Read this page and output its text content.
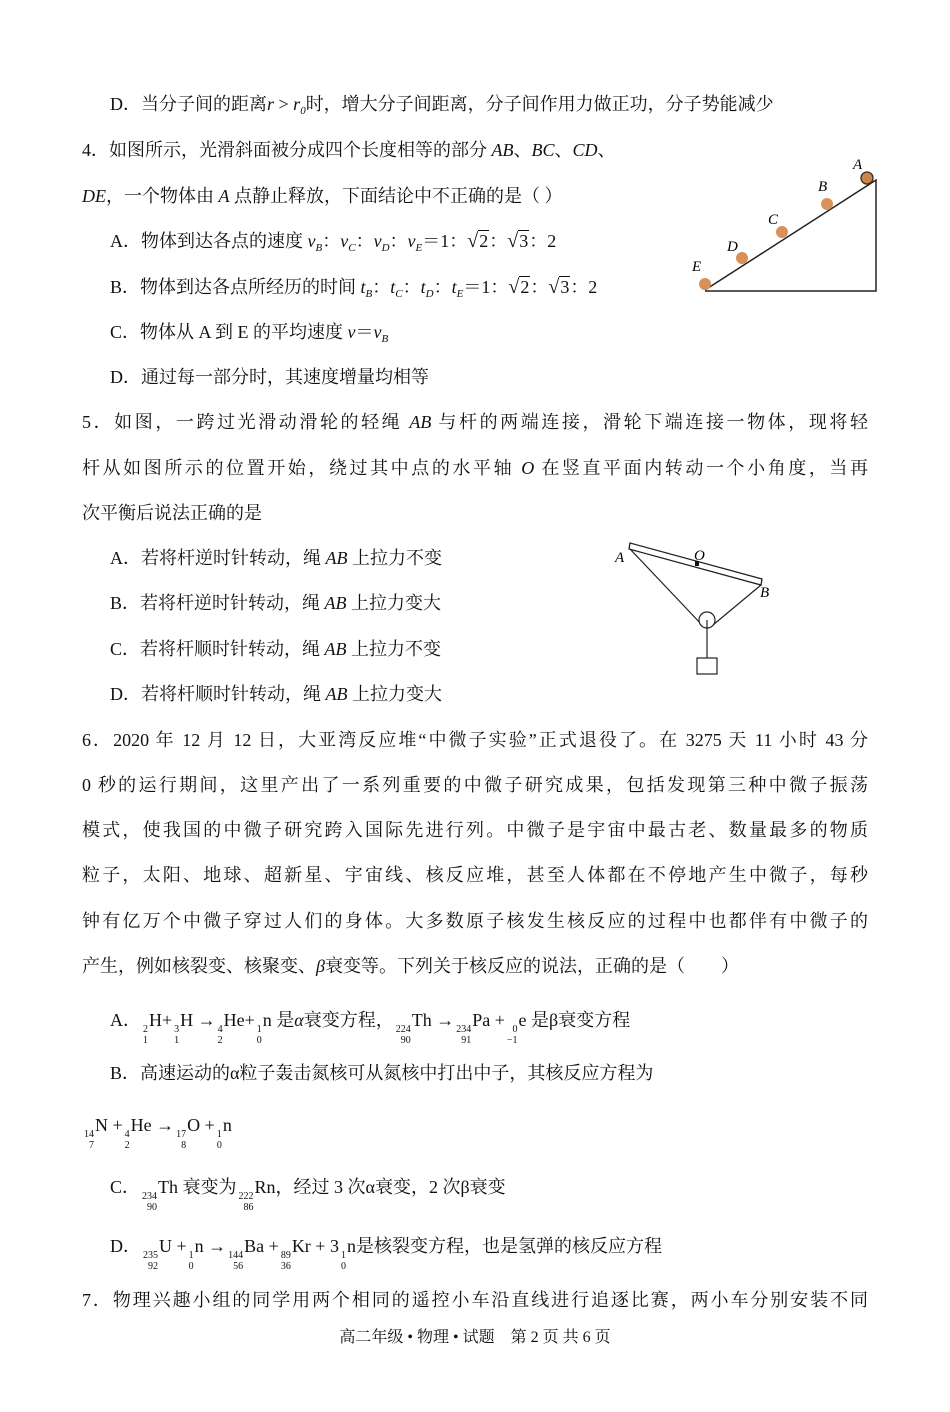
D．当分子间的距离$r > r_0$时，增大分子间距离，分子间作用力做正功，分子势能减少
4．如图所示，光滑斜面被分成四个长度相等的部分 AB、BC、CD、
DE，一个物体由 A 点静止释放，下面结论中不正确的是（ ）
A．物体到达各点的速度 $v_B$：$v_C$：$v_D$：$v_E=1$：√2：√3：2
B．物体到达各点所经历的时间 $t_B$：$t_C$：$t_D$：$t_E=1$：√2：√3：2
C．物体从 A 到 E 的平均速度 $v=v_B$
D．通过每一部分时，其速度增量均相等
5．如图，一跨过光滑动滑轮的轻绳 AB 与杆的两端连接，滑轮下端连接一物体，现将轻
杆从如图所示的位置开始，绕过其中点的水平轴 O 在竖直平面内转动一个小角度，当再
次平衡后说法正确的是
A．若将杆逆时针转动，绳 AB 上拉力不变
B．若将杆逆时针转动，绳 AB 上拉力变大
C．若将杆顺时针转动，绳 AB 上拉力不变
D．若将杆顺时针转动，绳 AB 上拉力变大
6．2020 年 12 月 12 日，大亚湾反应堆“中微子实验”正式退役了。在 3275 天 11 小时 43 分
0 秒的运行期间，这里产出了一系列重要的中微子研究成果，包括发现第三种中微子振荡
模式，使我国的中微子研究跨入国际先进行列。中微子是宇宙中最古老、数量最多的物质
粒子，太阳、地球、超新星、宇宙线、核反应堆，甚至人体都在不停地产生中微子，每秒
钟有亿万个中微子穿过人们的身体。大多数原子核发生核反应的过程中也都伴有中微子的
产生，例如核裂变、核聚变、β衰变等。下列关于核反应的说法，正确的是（　　）
A． 2
1
H+ 3
1
H → 4
2
He+ 1
0
n 是α衰变方程， 224
90
Th → 234
91
Pa + 0
−1
e 是β衰变方程
B．高速运动的α粒子轰击氮核可从氮核中打出中子，其核反应方程为
14
7
N + 4
2
He → 17
8
O + 1
0
n
C． 234
90
Th 衰变为 222
86
Rn，经过 3 次α衰变，2 次β衰变
D． 235
92
U + 1
0
n → 144
56
Ba + 89
36
Kr + 3 1
0
n是核裂变方程，也是氢弹的核反应方程
7．物理兴趣小组的同学用两个相同的遥控小车沿直线进行追逐比赛，两小车分别安装不同
A
B
C
D
E
A	O
B
高二年级 • 物理 • 试题　第 2 页 共 6 页
